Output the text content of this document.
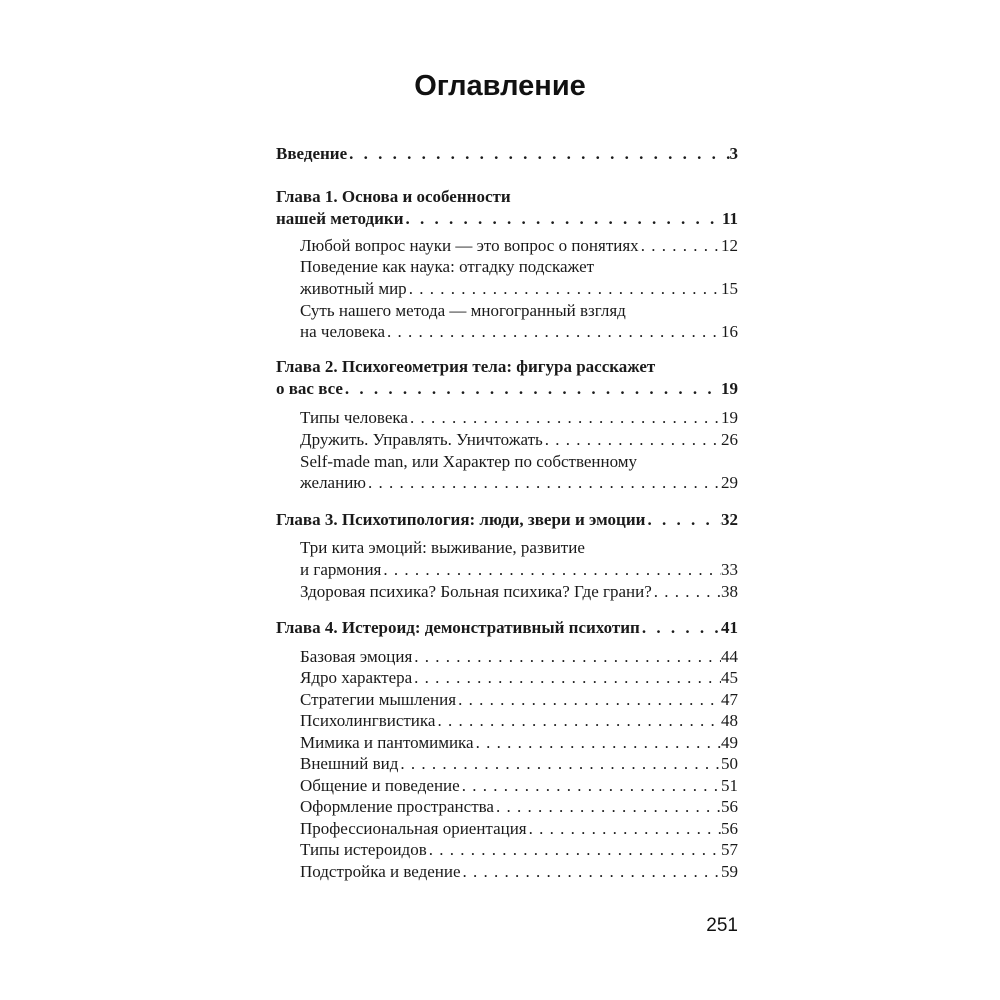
Оглавление
Введение . . .	3
Глава 1. Основа и особенности
нашей методики . . .	11
Любой вопрос науки — это вопрос о понятиях . . .	12
Поведение как наука: отгадку подскажет
животный мир . . .	15
Суть нашего метода — многогранный взгляд
на человека . . .	16
Глава 2. Психогеометрия тела: фигура расскажет
о вас все . . .	19
Типы человека . . .	19
Дружить. Управлять. Уничтожать . . .	26
Self-made man, или Характер по собственному
желанию . . .	29
Глава 3. Психотипология: люди, звери и эмоции . . .	32
Три кита эмоций: выживание, развитие
и гармония . . .	33
Здоровая психика? Больная психика? Где грани? . . .	38
Глава 4. Истероид: демонстративный психотип . . .	41
Базовая эмоция . . .	44
Ядро характера . . .	45
Стратегии мышления . . .	47
Психолингвистика . . .	48
Мимика и пантомимика . . .	49
Внешний вид . . .	50
Общение и поведение . . .	51
Оформление пространства . . .	56
Профессиональная ориентация . . .	56
Типы истероидов . . .	57
Подстройка и ведение . . .	59
251
